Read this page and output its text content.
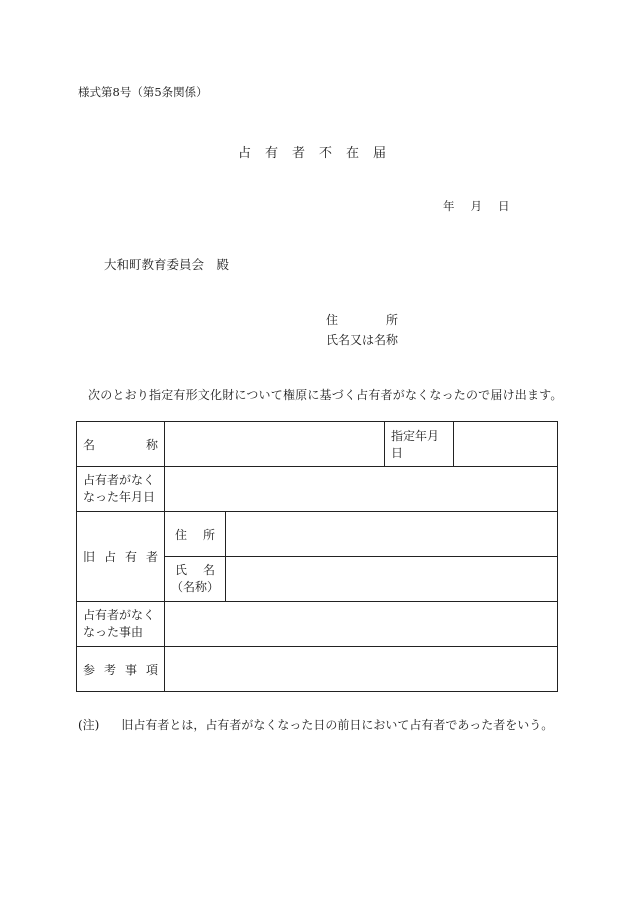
様式第8号（第5条関係）
占有者不在届
年 月 日
大和町教育委員会　殿
住	所
氏名又は名称
次のとおり指定有形文化財について権原に基づく占有者がなくなったので届け出ます。
名 称			指定年月日	

占有者がなく
なった年月日				

旧 占 有 者	住 所			

	氏 名
（名称）			

占有者がなく
なった事由				

参 考 事 項				

(注) 旧占有者とは，占有者がなくなった日の前日において占有者であった者をいう。
